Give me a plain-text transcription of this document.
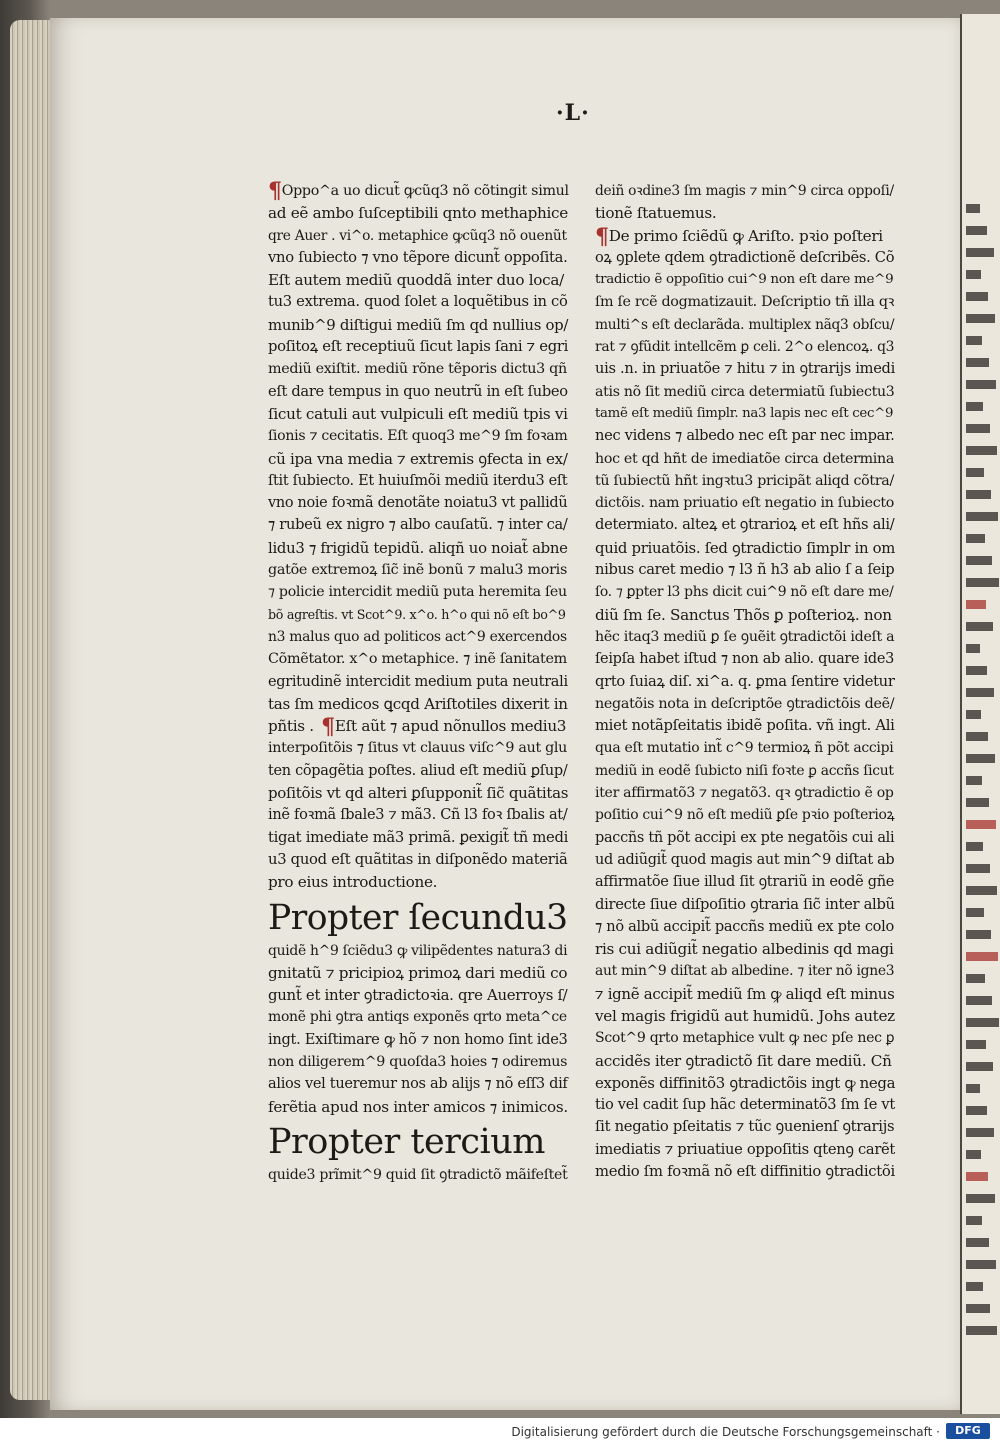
·L·
¶Oppo^a uo dicut̃ ꝙcũq3 nõ cõtingit simul
ad eẽ ambo ſuſceptibili qnto methaphice
qre Auer . vi^o. metaphice ꝙcũq3 nõ ouenũt
vno ſubiecto ⁊ vno tẽpore dicunt̃ oppoſita.
Eſt autem mediũ quoddã inter duo loca/
tu3 extrema. quod ſolet a loquẽtibus in cõ
munib^9 diſtigui mediũ ſm qd nullius op/
poſitoꝝ eſt receptiuũ ſicut lapis ſani ⁊ egri
mediũ exiſtit. mediũ rõne tẽporis dictu3 qñ
eſt dare tempus in quo neutrũ in eſt ſubeo
ſicut catuli aut vulpiculi eſt mediũ tpis vi
ſionis ⁊ cecitatis. Eſt quoq3 me^9 ſm foꝛam
cũ ipa vna media ⁊ extremis ꝯfecta in ex/
ſtit ſubiecto. Et huiuſmõi mediũ iterdu3 eſt
vno noie foꝛmã denotãte noiatu3 vt pallidũ
⁊ rubeũ ex nigro ⁊ albo cauſatũ. ⁊ inter ca/
lidu3 ⁊ frigidũ tepidũ. aliqñ uo noiat̃ abne
gatõe extremoꝝ ſic̃ inẽ bonũ ⁊ malu3 moris
⁊ policie intercidit mediũ puta heremita ſeu
bõ agreſtis. vt Scot^9. x^o. h^o qui nõ eſt bo^9
n3 malus quo ad politicos act^9 exercendos
Cõmẽtator. x^o metaphice. ⁊ inẽ ſanitatem
egritudinẽ intercidit medium puta neutrali
tas ſm medicos ꝗcqd Ariſtotiles dixerit in
pñtis . ¶Eſt aũt ⁊ apud nõnullos mediu3
interpoſitõis ⁊ ſitus vt clauus viſc^9 aut glu
ten cõpagẽtia poſtes. aliud eſt mediũ ꝑſup/
poſitõis vt qd alteri ꝑſupponit̃ ſic̃ quãtitas
inẽ foꝛmã ſbale3 ⁊ mã3. Cñ l3 foꝛ ſbalis at/
tigat imediate mã3 primã. ꝑexigit̃ tñ medi
u3 quod eſt quãtitas in diſponẽdo materiã
pro eius introductione.
Propter ſecundu3
quidẽ h^9 ſciẽdu3 ꝙ vilipẽdentes natura3 di
gnitatũ ⁊ pricipioꝝ primoꝝ dari mediũ co
gunt̃ et inter ꝯtradictoꝛia. qre Auerroys ſ/
monẽ phi ꝯtra antiqs exponẽs qrto meta^ce
ingt. Exiſtimare ꝙ hõ ⁊ non homo ſint ide3
non diligerem^9 quoſda3 hoies ⁊ odiremus
alios vel tueremur nos ab alijs ⁊ nõ eſſ3 dif
ferẽtia apud nos inter amicos ⁊ inimicos.
Propter tercium
quide3 prĩmit^9 quid ſit ꝯtradictõ mãifeſtet̃
deiñ oꝛdine3 ſm magis ⁊ min^9 circa oppoſi/
tionẽ ſtatuemus.
¶De primo ſciẽdũ ꝙ Ariſto. pꝛio poſteri
oꝝ ꝯplete qdem ꝯtradictionẽ deſcribẽs. Cõ
tradictio ẽ oppoſitio cui^9 non eſt dare me^9
ſm ſe rcẽ dogmatizauit. Deſcriptio tñ illa qꝛ
multi^s eſt declarãda. multiplex nãq3 obſcu/
rat ⁊ ꝯfũdit intellcẽm ꝑ celi. 2^o elencoꝝ. q3
uis .n. in priuatõe ⁊ hitu ⁊ in ꝯtrarijs imedi
atis nõ ſit mediũ circa determiatũ ſubiectu3
tamẽ eſt mediũ ſimplr. na3 lapis nec eſt cec^9
nec videns ⁊ albedo nec eſt par nec impar.
hoc et qd hñt de imediatõe circa determina
tũ ſubiectũ hñt ingꝛtu3 pricipãt aliqd cõtra/
dictõis. nam priuatio eſt negatio in ſubiecto
determiato. alteꝝ et ꝯtrarioꝝ et eſt hñs ali/
quid priuatõis. ſed ꝯtradictio ſimplr in om
nibus caret medio ⁊ l3 ñ h3 ab alio ſ a ſeip
ſo. ⁊ ꝑpter l3 phs dicit cui^9 nõ eſt dare me/
diũ ſm ſe. Sanctus Thõs ꝑ poſterioꝝ. non
hẽc itaq3 mediũ ꝑ ſe ꝯuẽit ꝯtradictõi ideſt a
ſeipſa habet iſtud ⁊ non ab alio. quare ide3
qrto ſuiaꝝ diſ. xi^a. q. ꝑma ſentire videtur
negatõis nota in deſcriptõe ꝯtradictõis deẽ/
miet notãpſeitatis ibidẽ poſita. vñ ingt. Ali
qua eſt mutatio int̃ c^9 termioꝝ ñ põt accipi
mediũ in eodẽ ſubicto niſi foꝛte ꝑ accñs ſicut
iter affirmatõ3 ⁊ negatõ3. qꝛ ꝯtradictio ẽ op
poſitio cui^9 nõ eſt mediũ ꝑſe pꝛio poſterioꝝ
paccñs tñ põt accipi ex pte negatõis cui ali
ud adiũgit̃ quod magis aut min^9 diſtat ab
affirmatõe ſiue illud ſit ꝯtrariũ in eodẽ gñe
directe ſiue diſpoſitio ꝯtraria ſic̃ inter albũ
⁊ nõ albũ accipit̃ paccñs mediũ ex pte colo
ris cui adiũgit̃ negatio albedinis qd magi
aut min^9 diſtat ab albedine. ⁊ iter nõ igne3
⁊ ignẽ accipit̃ mediũ ſm ꝙ aliqd eſt minus
vel magis frigidũ aut humidũ. Johs autez
Scot^9 qrto metaphice vult ꝙ nec pſe nec ꝑ
accidẽs iter ꝯtradictõ ſit dare mediũ. Cñ
exponẽs diffinitõ3 ꝯtradictõis ingt ꝙ nega
tio vel cadit ſup hãc determinatõ3 ſm ſe vt
ſit negatio pſeitatis ⁊ tũc ꝯuenienſ ꝯtrarijs
imediatis ⁊ priuatiue oppoſitis qtenꝯ carẽt
medio ſm foꝛmã nõ eſt diffinitio ꝯtradictõi
Digitalisierung gefördert durch die Deutsche Forschungsgemeinschaft ·	DFG
